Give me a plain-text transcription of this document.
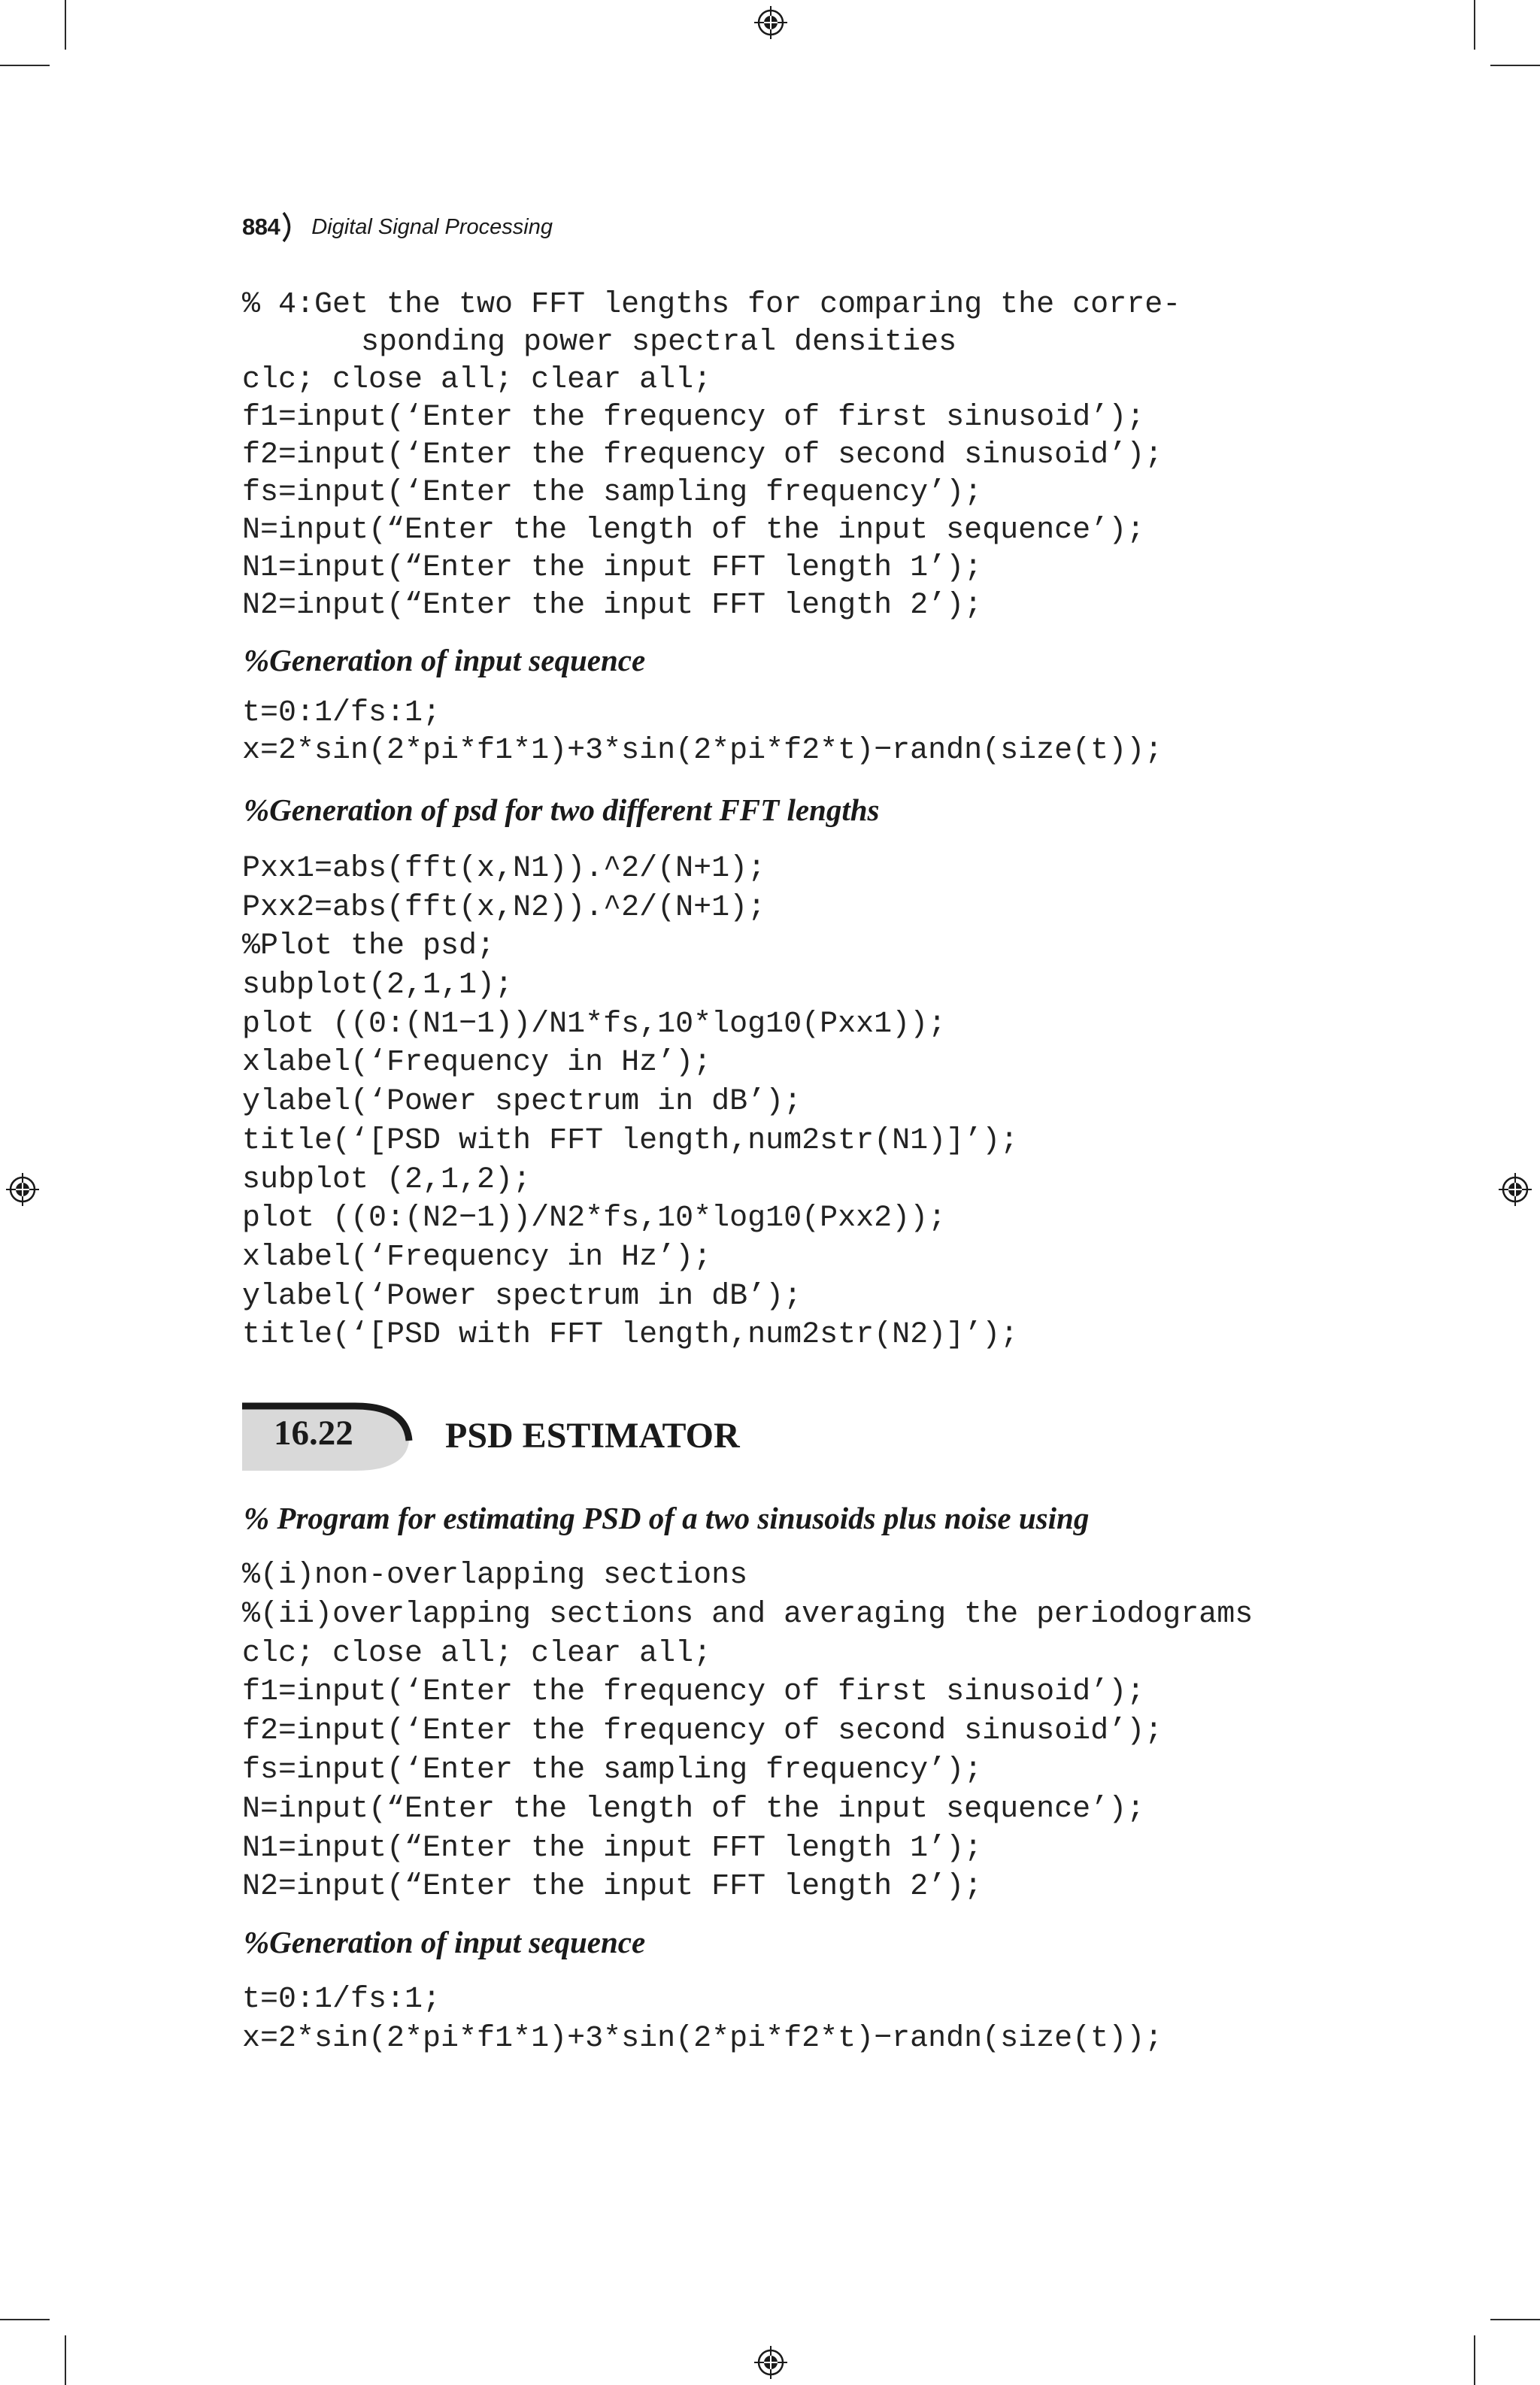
884 Digital Signal Processing
% 4:Get the two FFT lengths for comparing the corre-
sponding power spectral densities
clc; close all; clear all;
f1=input(‘Enter the frequency of first sinusoid’);
f2=input(‘Enter the frequency of second sinusoid’);
fs=input(‘Enter the sampling frequency’);
N=input(“Enter the length of the input sequence’);
N1=input(“Enter the input FFT length 1’);
N2=input(“Enter the input FFT length 2’);
%Generation of input sequence
t=0:1/fs:1;
x=2*sin(2*pi*f1*1)+3*sin(2*pi*f2*t)−randn(size(t));
%Generation of psd for two different FFT lengths
Pxx1=abs(fft(x,N1)).^2/(N+1);
Pxx2=abs(fft(x,N2)).^2/(N+1);
%Plot the psd;
subplot(2,1,1);
plot ((0:(N1−1))/N1*fs,10*log10(Pxx1));
xlabel(‘Frequency in Hz’);
ylabel(‘Power spectrum in dB’);
title(‘[PSD with FFT length,num2str(N1)]’);
subplot (2,1,2);
plot ((0:(N2−1))/N2*fs,10*log10(Pxx2));
xlabel(‘Frequency in Hz’);
ylabel(‘Power spectrum in dB’);
title(‘[PSD with FFT length,num2str(N2)]’);
16.22	PSD ESTIMATOR
% Program for estimating PSD of a two sinusoids plus noise using
%(i)non-overlapping sections
%(ii)overlapping sections and averaging the periodograms
clc; close all; clear all;
f1=input(‘Enter the frequency of first sinusoid’);
f2=input(‘Enter the frequency of second sinusoid’);
fs=input(‘Enter the sampling frequency’);
N=input(“Enter the length of the input sequence’);
N1=input(“Enter the input FFT length 1’);
N2=input(“Enter the input FFT length 2’);
%Generation of input sequence
t=0:1/fs:1;
x=2*sin(2*pi*f1*1)+3*sin(2*pi*f2*t)−randn(size(t));
